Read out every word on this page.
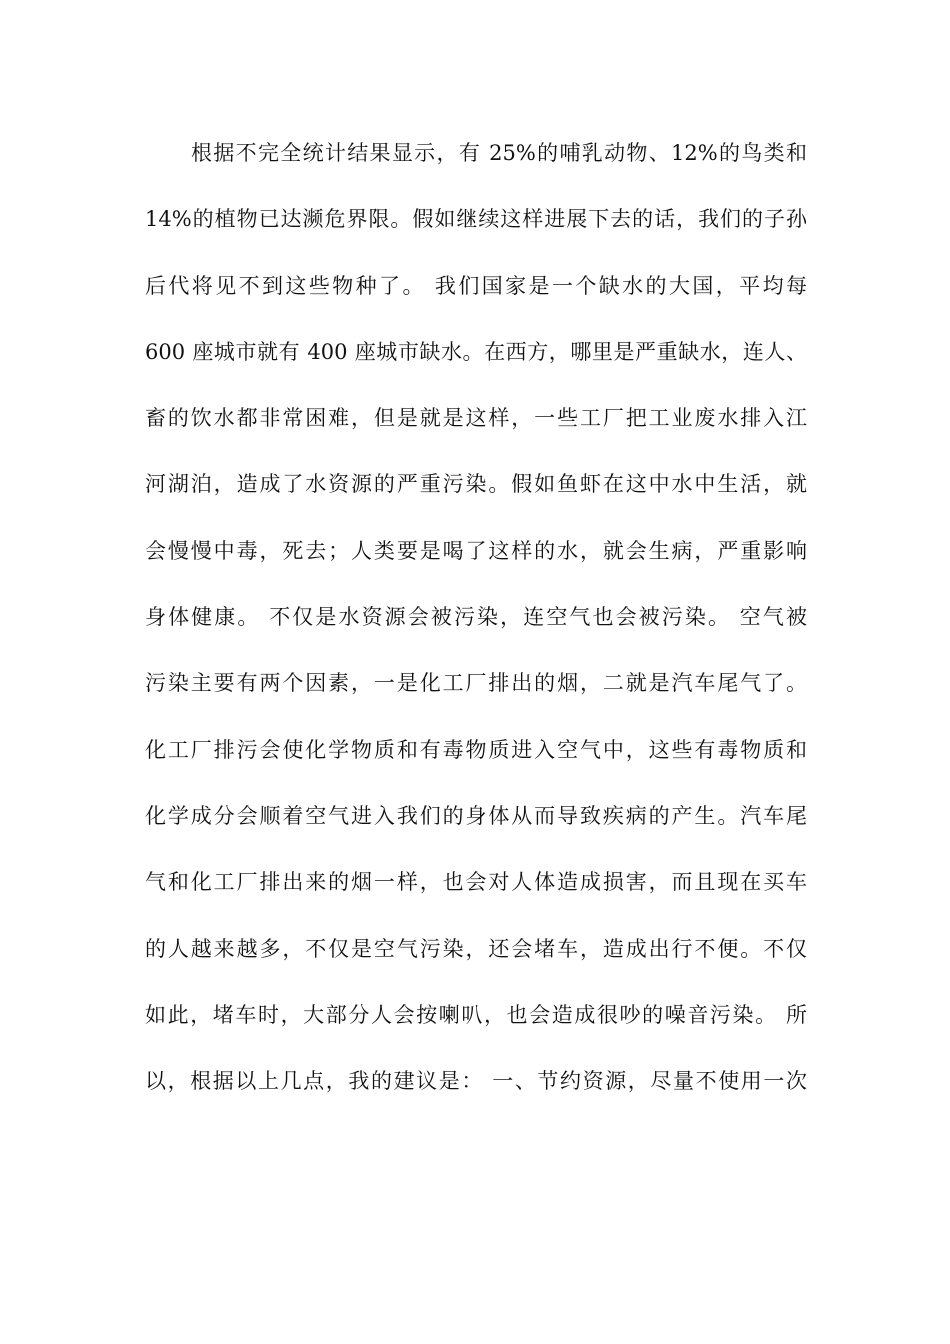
根据不完全统计结果显示，有 25%的哺乳动物、12%的鸟类和
14%的植物已达濒危界限。假如继续这样进展下去的话，我们的子孙
后代将见不到这些物种了。 我们国家是一个缺水的大国，平均每
600 座城市就有 400 座城市缺水。在西方，哪里是严重缺水，连人、
畜的饮水都非常困难，但是就是这样，一些工厂把工业废水排入江
河湖泊，造成了水资源的严重污染。假如鱼虾在这中水中生活，就
会慢慢中毒，死去；人类要是喝了这样的水，就会生病，严重影响
身体健康。 不仅是水资源会被污染，连空气也会被污染。 空气被
污染主要有两个因素，一是化工厂排出的烟，二就是汽车尾气了。
化工厂排污会使化学物质和有毒物质进入空气中，这些有毒物质和
化学成分会顺着空气进入我们的身体从而导致疾病的产生。汽车尾
气和化工厂排出来的烟一样，也会对人体造成损害，而且现在买车
的人越来越多，不仅是空气污染，还会堵车，造成出行不便。不仅
如此，堵车时，大部分人会按喇叭，也会造成很吵的噪音污染。 所
以，根据以上几点，我的建议是： 一、节约资源，尽量不使用一次
